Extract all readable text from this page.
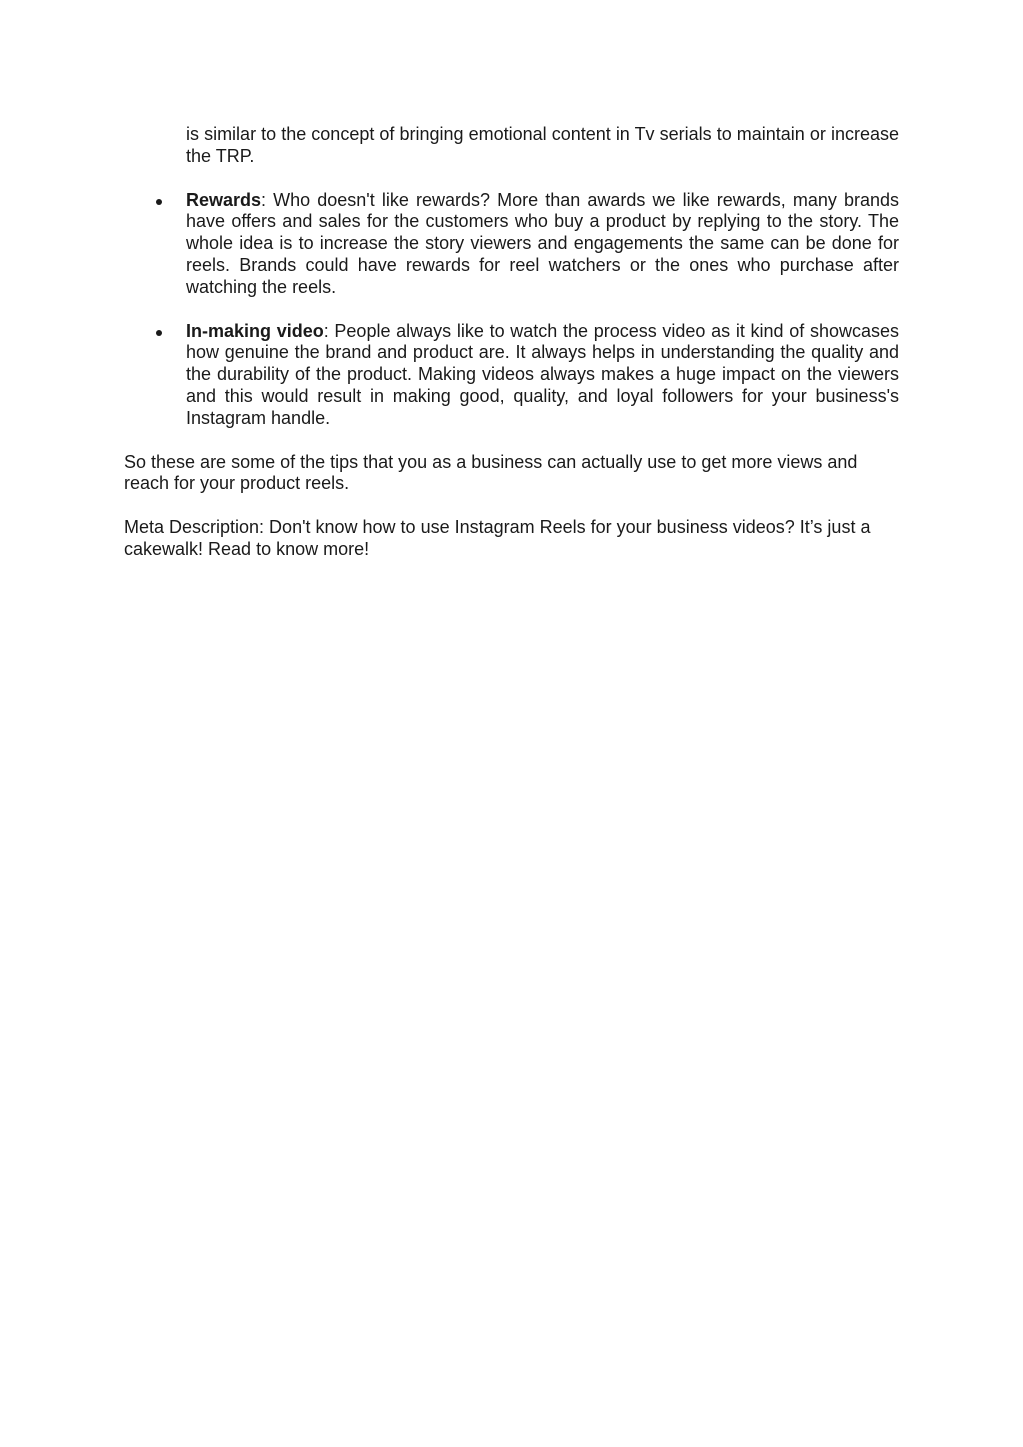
is similar to the concept of bringing emotional content in Tv serials to maintain or increase the TRP.

Rewards: Who doesn't like rewards? More than awards we like rewards, many brands have offers and sales for the customers who buy a product by replying to the story. The whole idea is to increase the story viewers and engagements the same can be done for reels. Brands could have rewards for reel watchers or the ones who purchase after watching the reels.
In-making video: People always like to watch the process video as it kind of showcases how genuine the brand and product are. It always helps in understanding the quality and the durability of the product. Making videos always makes a huge impact on the viewers and this would result in making good, quality, and loyal followers for your business's Instagram handle.

So these are some of the tips that you as a business can actually use to get more views and reach for your product reels.

Meta Description: Don't know how to use Instagram Reels for your business videos? It’s just a cakewalk! Read to know more!
